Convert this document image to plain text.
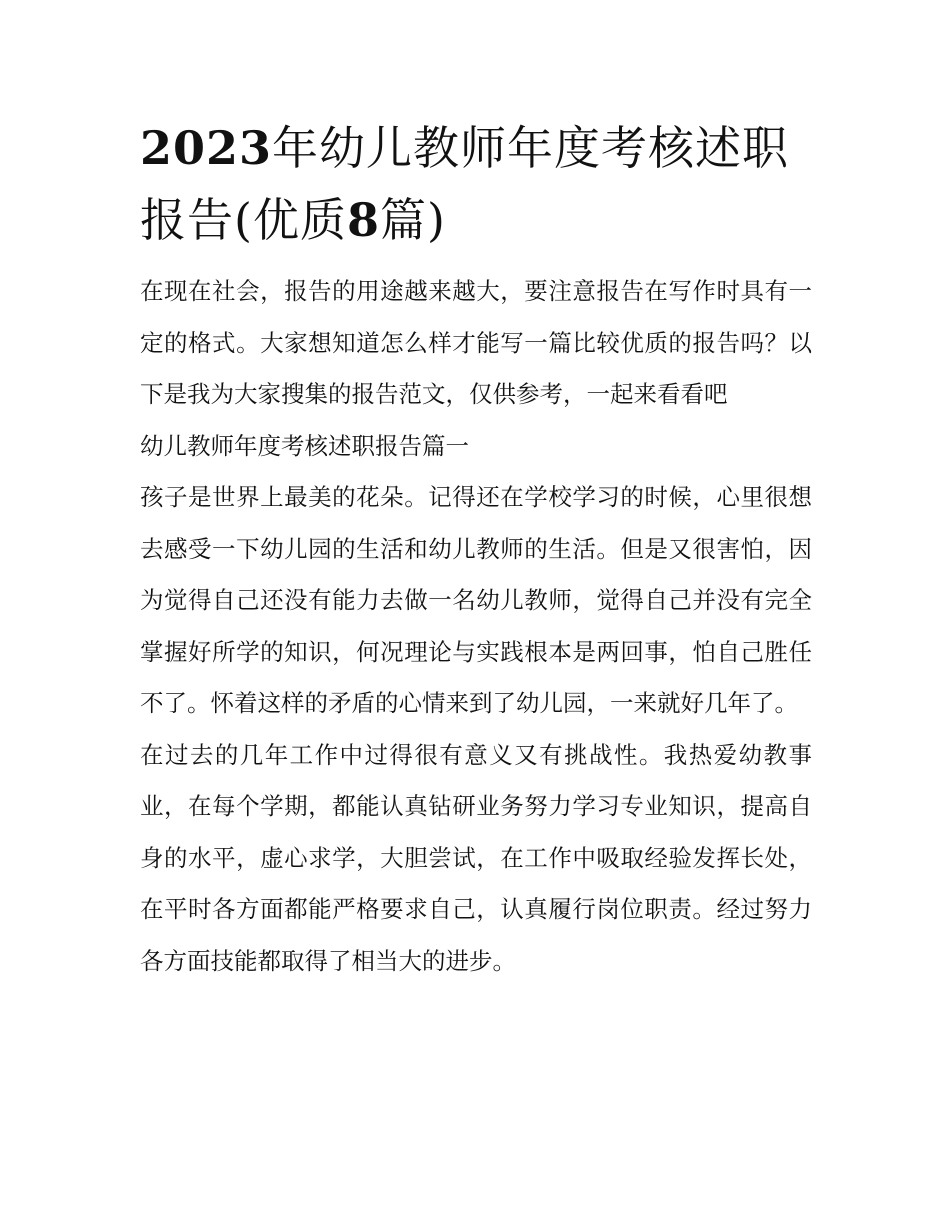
2023年幼儿教师年度考核述职报告(优质8篇)

在现在社会，报告的用途越来越大，要注意报告在写作时具有一定的格式。大家想知道怎么样才能写一篇比较优质的报告吗？以下是我为大家搜集的报告范文，仅供参考，一起来看看吧

幼儿教师年度考核述职报告篇一

孩子是世界上最美的花朵。记得还在学校学习的时候，心里很想去感受一下幼儿园的生活和幼儿教师的生活。但是又很害怕，因为觉得自己还没有能力去做一名幼儿教师，觉得自己并没有完全掌握好所学的知识，何况理论与实践根本是两回事，怕自己胜任不了。怀着这样的矛盾的心情来到了幼儿园，一来就好几年了。

在过去的几年工作中过得很有意义又有挑战性。我热爱幼教事业，在每个学期，都能认真钻研业务努力学习专业知识，提高自身的水平，虚心求学，大胆尝试，在工作中吸取经验发挥长处，在平时各方面都能严格要求自己，认真履行岗位职责。经过努力各方面技能都取得了相当大的进步。
